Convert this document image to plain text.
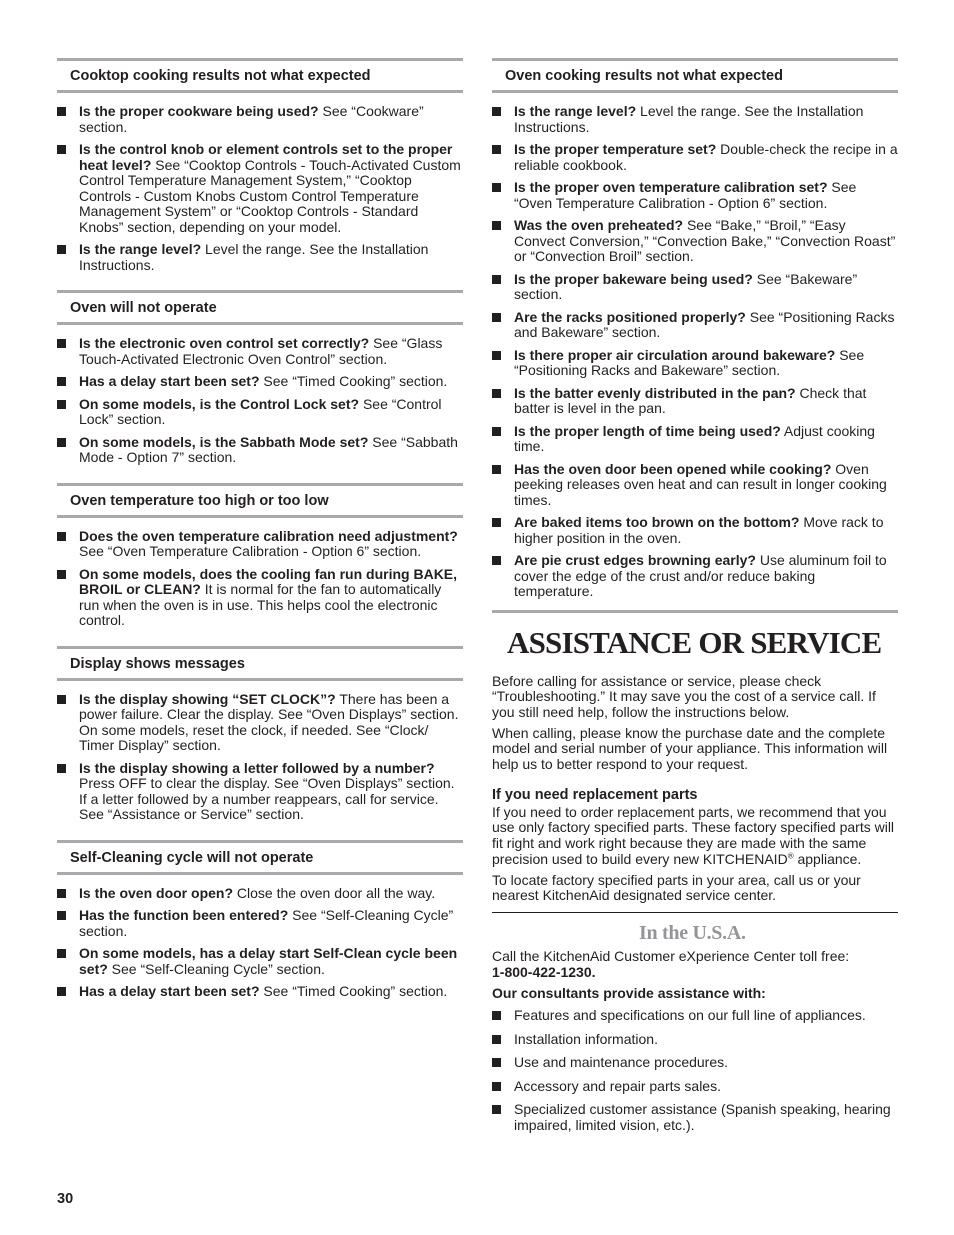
Cooktop cooking results not what expected
Is the proper cookware being used? See “Cookware” section.
Is the control knob or element controls set to the proper heat level? See “Cooktop Controls - Touch-Activated Custom Control Temperature Management System,” “Cooktop Controls - Custom Knobs Custom Control Temperature Management System” or “Cooktop Controls - Standard Knobs” section, depending on your model.
Is the range level? Level the range. See the Installation Instructions.
Oven will not operate
Is the electronic oven control set correctly? See “Glass Touch-Activated Electronic Oven Control” section.
Has a delay start been set? See “Timed Cooking” section.
On some models, is the Control Lock set? See “Control Lock” section.
On some models, is the Sabbath Mode set? See “Sabbath Mode - Option 7” section.
Oven temperature too high or too low
Does the oven temperature calibration need adjustment? See “Oven Temperature Calibration - Option 6” section.
On some models, does the cooling fan run during BAKE, BROIL or CLEAN? It is normal for the fan to automatically run when the oven is in use. This helps cool the electronic control.
Display shows messages
Is the display showing “SET CLOCK”? There has been a power failure. Clear the display. See “Oven Displays” section. On some models, reset the clock, if needed. See “Clock/ Timer Display” section.
Is the display showing a letter followed by a number? Press OFF to clear the display. See “Oven Displays” section. If a letter followed by a number reappears, call for service. See “Assistance or Service” section.
Self-Cleaning cycle will not operate
Is the oven door open? Close the oven door all the way.
Has the function been entered? See “Self-Cleaning Cycle” section.
On some models, has a delay start Self-Clean cycle been set? See “Self-Cleaning Cycle” section.
Has a delay start been set? See “Timed Cooking” section.
Oven cooking results not what expected
Is the range level? Level the range. See the Installation Instructions.
Is the proper temperature set? Double-check the recipe in a reliable cookbook.
Is the proper oven temperature calibration set? See “Oven Temperature Calibration - Option 6” section.
Was the oven preheated? See “Bake,” “Broil,” “Easy Convect Conversion,” “Convection Bake,” “Convection Roast” or “Convection Broil” section.
Is the proper bakeware being used? See “Bakeware” section.
Are the racks positioned properly? See “Positioning Racks and Bakeware” section.
Is there proper air circulation around bakeware? See “Positioning Racks and Bakeware” section.
Is the batter evenly distributed in the pan? Check that batter is level in the pan.
Is the proper length of time being used? Adjust cooking time.
Has the oven door been opened while cooking? Oven peeking releases oven heat and can result in longer cooking times.
Are baked items too brown on the bottom? Move rack to higher position in the oven.
Are pie crust edges browning early? Use aluminum foil to cover the edge of the crust and/or reduce baking temperature.
ASSISTANCE OR SERVICE

Before calling for assistance or service, please check “Troubleshooting.” It may save you the cost of a service call. If you still need help, follow the instructions below.

When calling, please know the purchase date and the complete model and serial number of your appliance. This information will help us to better respond to your request.

If you need replacement parts

If you need to order replacement parts, we recommend that you use only factory specified parts. These factory specified parts will fit right and work right because they are made with the same precision used to build every new KITCHENAID® appliance.

To locate factory specified parts in your area, call us or your nearest KitchenAid designated service center.

In the U.S.A.

Call the KitchenAid Customer eXperience Center toll free:
1-800-422-1230.

Our consultants provide assistance with:

Features and specifications on our full line of appliances.
Installation information.
Use and maintenance procedures.
Accessory and repair parts sales.
Specialized customer assistance (Spanish speaking, hearing impaired, limited vision, etc.).
30
